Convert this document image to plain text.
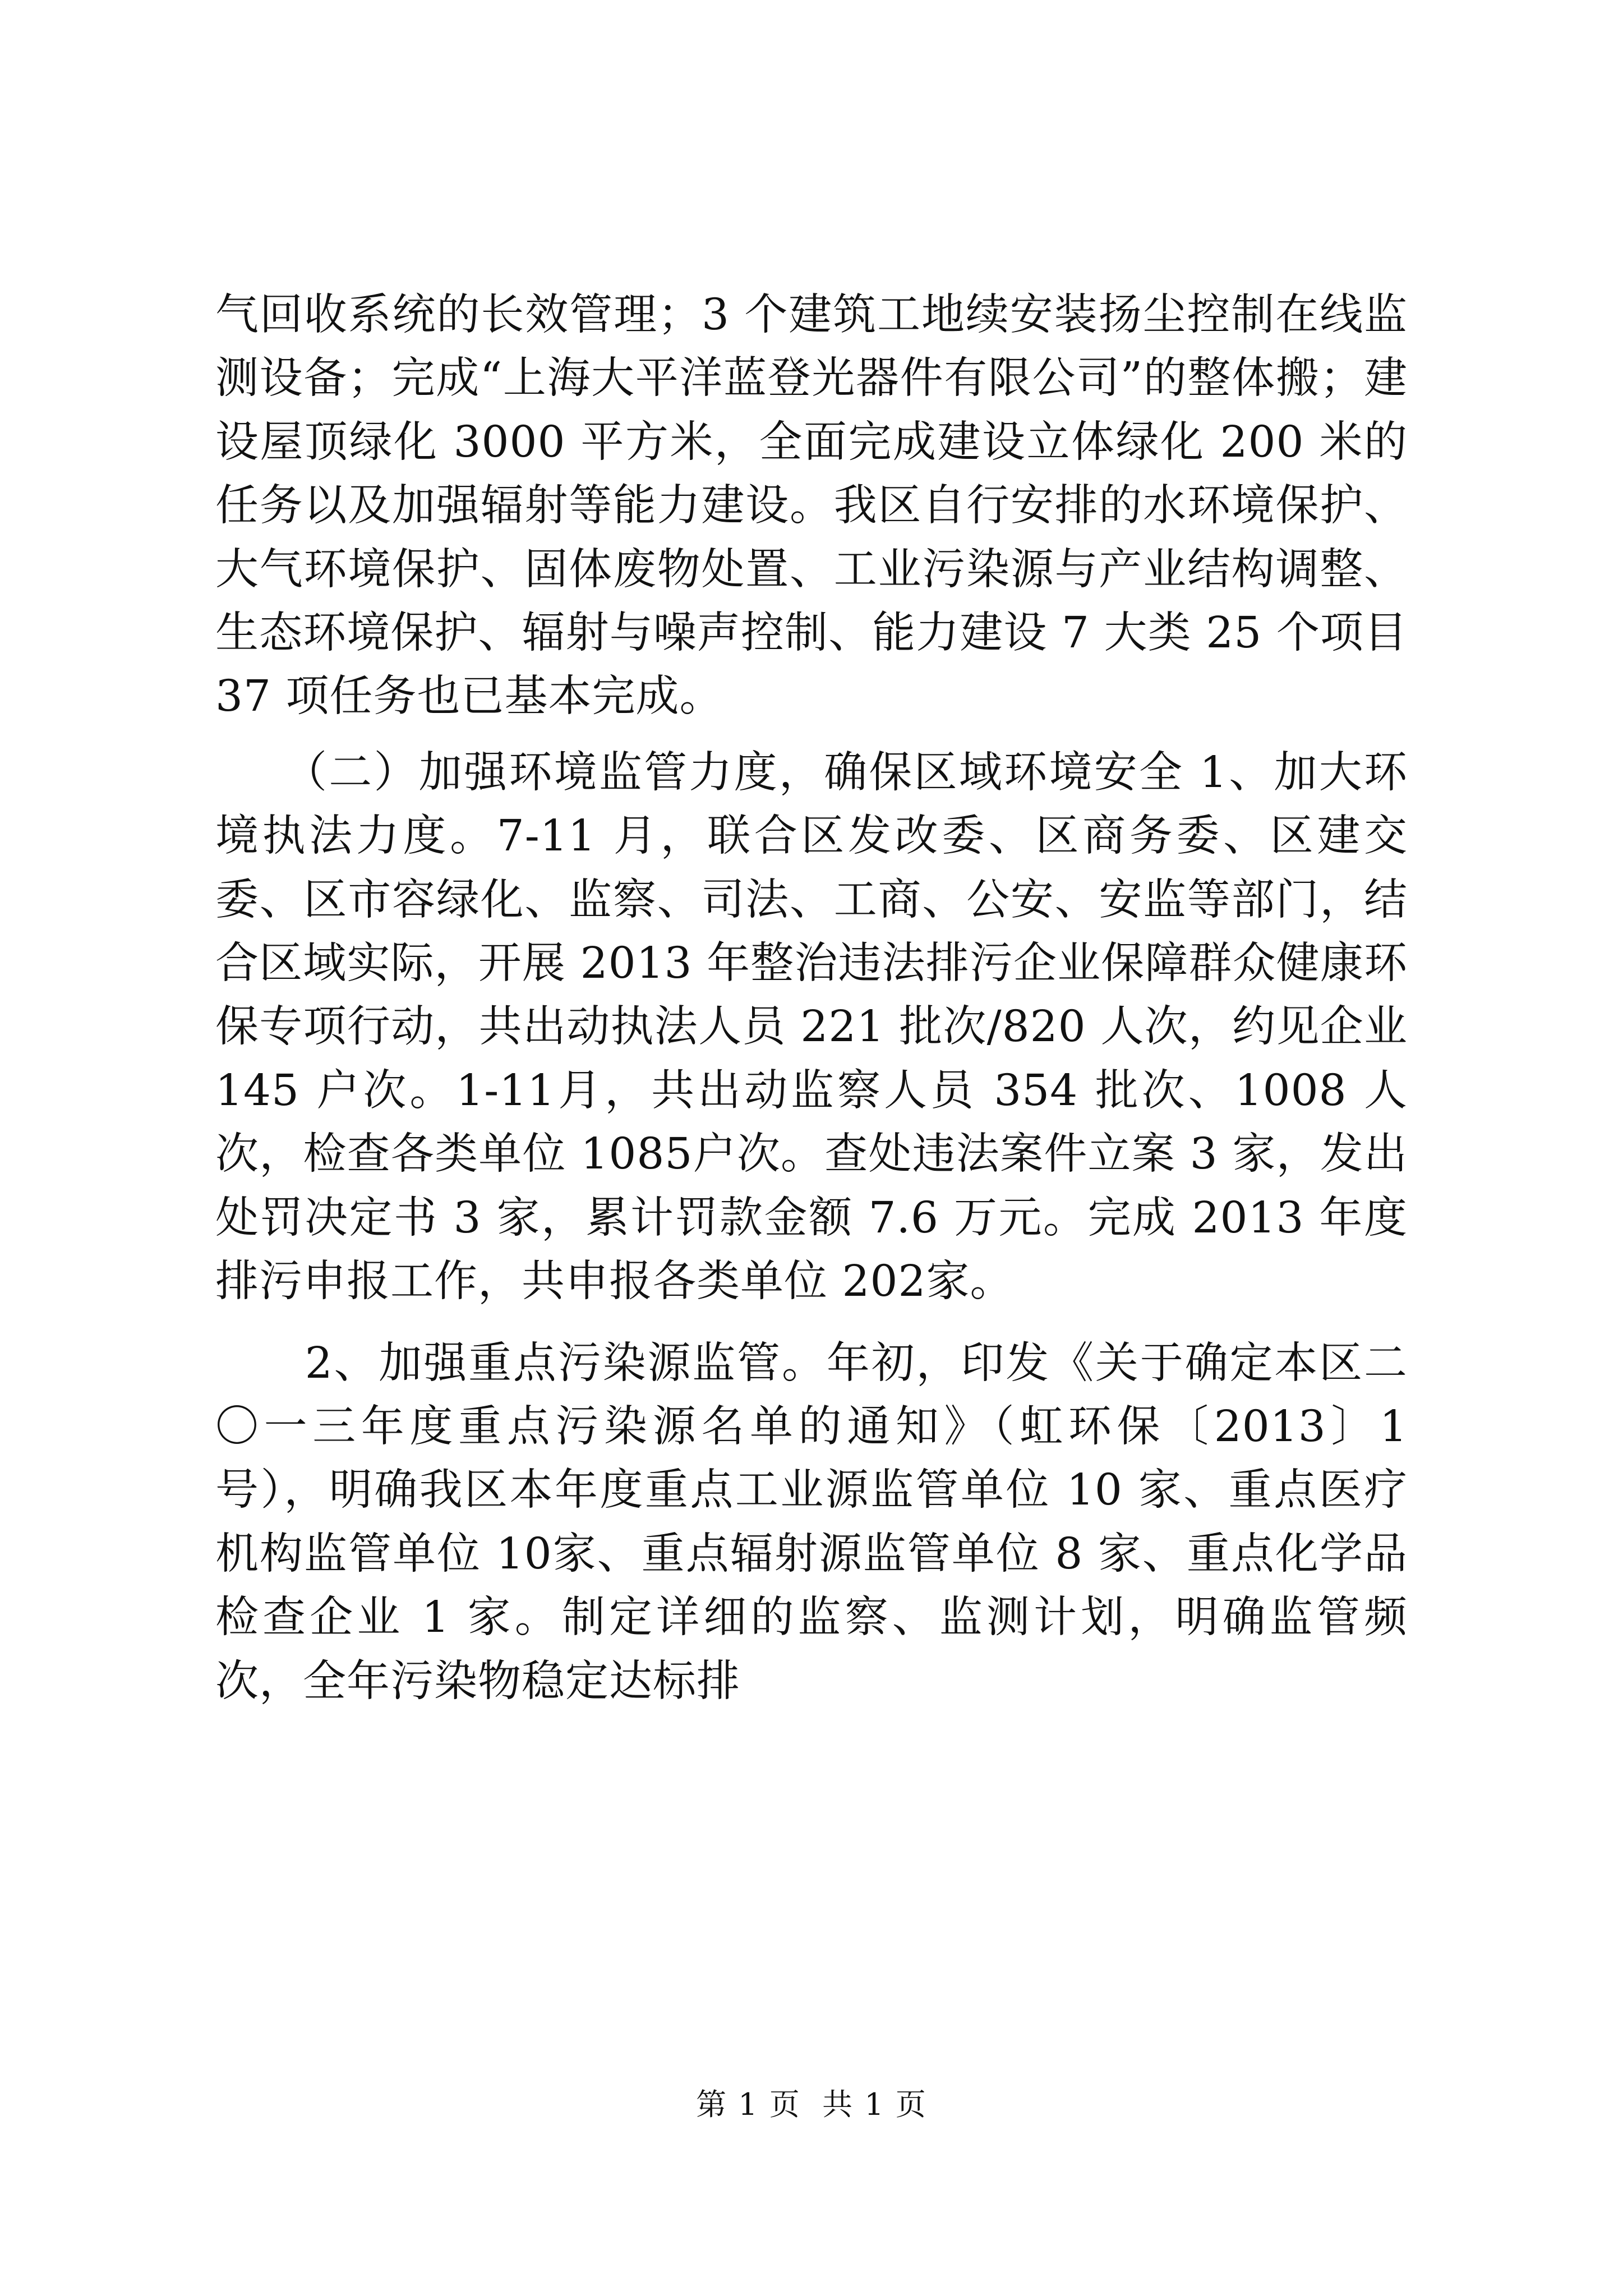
气回收系统的长效管理；3 个建筑工地续安装扬尘控制在线监测设备；完成“上海大平洋蓝登光器件有限公司”的整体搬；建设屋顶绿化 3000 平方米，全面完成建设立体绿化 200 米的任务以及加强辐射等能力建设。我区自行安排的水环境保护、大气环境保护、固体废物处置、工业污染源与产业结构调整、生态环境保护、辐射与噪声控制、能力建设 7 大类 25 个项目 37 项任务也已基本完成。

　　（二）加强环境监管力度，确保区域环境安全 1、加大环境执法力度。7-11 月，联合区发改委、区商务委、区建交委、区市容绿化、监察、司法、工商、公安、安监等部门，结合区域实际，开展 2013 年整治违法排污企业保障群众健康环保专项行动，共出动执法人员 221 批次/820 人次，约见企业 145 户次。1-11月，共出动监察人员 354 批次、1008 人次，检查各类单位 1085户次。查处违法案件立案 3 家，发出处罚决定书 3 家，累计罚款金额 7.6 万元。完成 2013 年度排污申报工作，共申报各类单位 202家。

　　2、加强重点污染源监管。年初，印发《关于确定本区二〇一三年度重点污染源名单的通知》（虹环保〔2013〕1 号），明确我区本年度重点工业源监管单位 10 家、重点医疗机构监管单位 10家、重点辐射源监管单位 8 家、重点化学品检查企业 1 家。制定详细的监察、监测计划，明确监管频次，全年污染物稳定达标排

第 1 页  共 1 页
